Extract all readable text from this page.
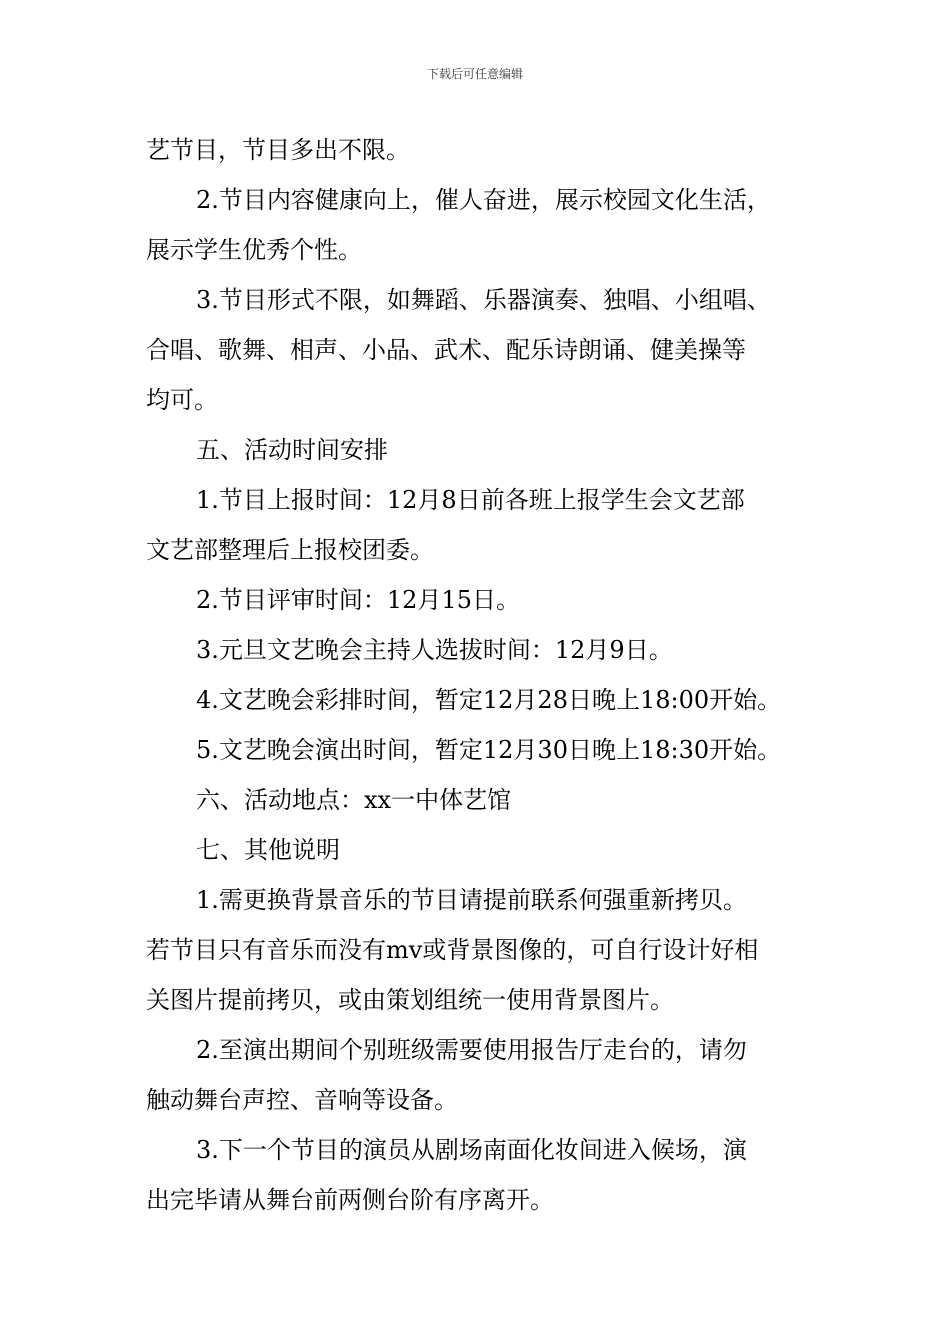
下载后可任意编辑
艺节目，节目多出不限。
2.节目内容健康向上，催人奋进，展示校园文化生活，
展示学生优秀个性。
3.节目形式不限，如舞蹈、乐器演奏、独唱、小组唱、
合唱、歌舞、相声、小品、武术、配乐诗朗诵、健美操等
均可。
五、活动时间安排
1.节目上报时间：12月8日前各班上报学生会文艺部
文艺部整理后上报校团委。
2.节目评审时间：12月15日。
3.元旦文艺晚会主持人选拔时间：12月9日。
4.文艺晚会彩排时间，暂定12月28日晚上18:00开始。
5.文艺晚会演出时间，暂定12月30日晚上18:30开始。
六、活动地点：xx一中体艺馆
七、其他说明
1.需更换背景音乐的节目请提前联系何强重新拷贝。
若节目只有音乐而没有mv或背景图像的，可自行设计好相
关图片提前拷贝，或由策划组统一使用背景图片。
2.至演出期间个别班级需要使用报告厅走台的，请勿
触动舞台声控、音响等设备。
3.下一个节目的演员从剧场南面化妆间进入候场，演
出完毕请从舞台前两侧台阶有序离开。
